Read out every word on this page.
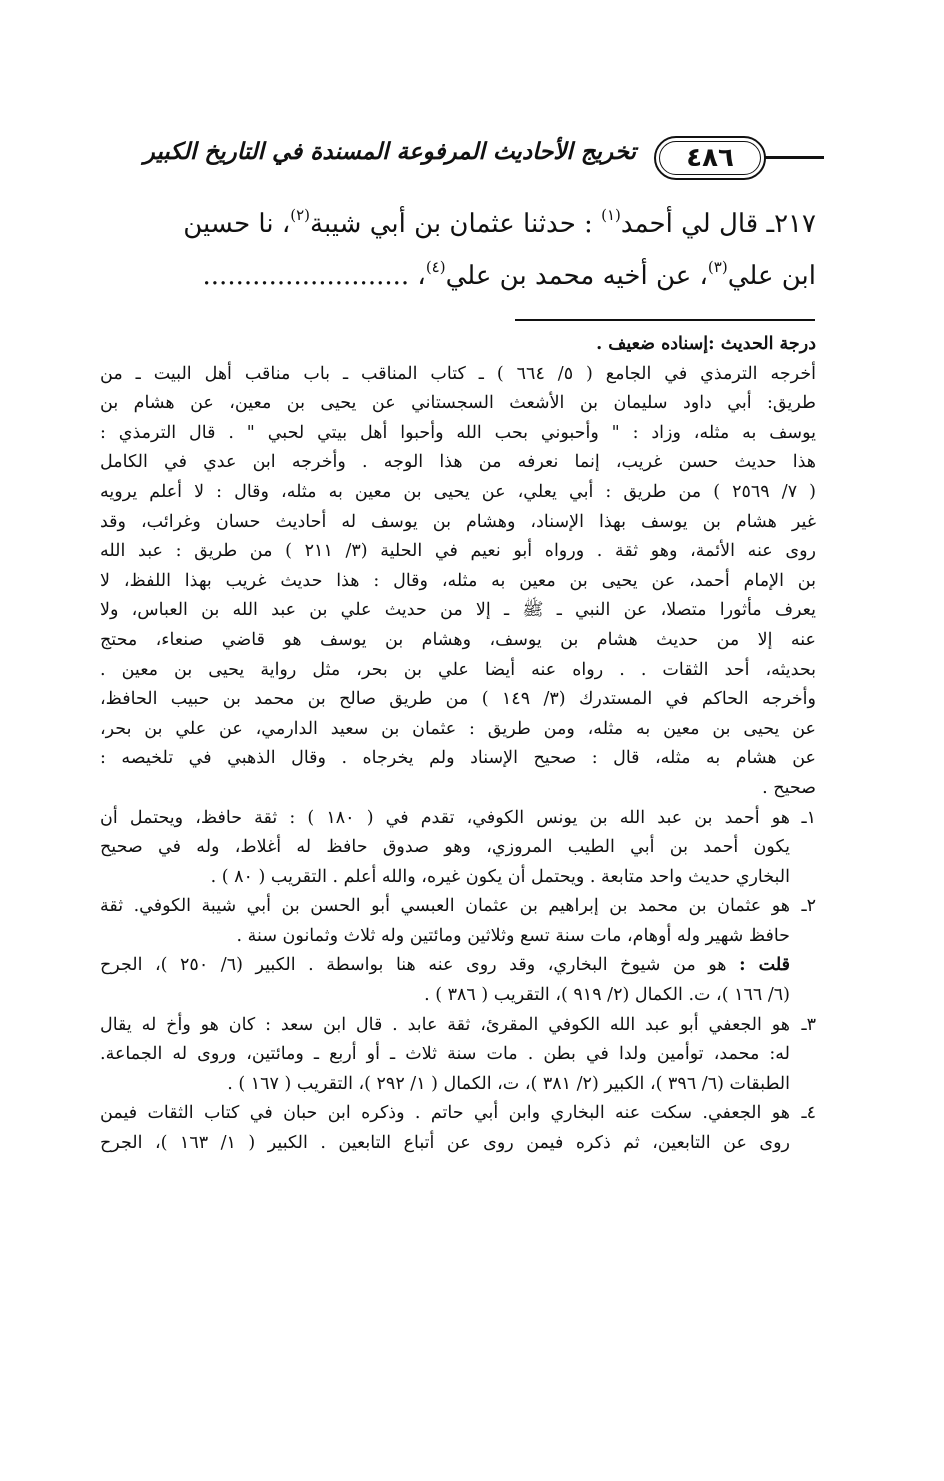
٤٨٦
تخريج الأحاديث المرفوعة المسندة في التاريخ الكبير
٢١٧ـ قال لي أحمد$^{(١)}$ : حدثنا عثمان بن أبي شيبة$^{(٢)}$، نا حسين
ابن علي$^{(٣)}$، عن أخيه محمد بن علي$^{(٤)}$، .........................
درجة الحديث :إسناده ضعيف .
أخرجه الترمذي في الجامع ( ٥/ ٦٦٤ ) ـ كتاب المناقب ـ باب مناقب أهل البيت ـ من
طريق: أبي داود سليمان بن الأشعث السجستاني عن يحيى بن معين، عن هشام بن
يوسف به مثله، وزاد : " وأحبوني بحب الله وأحبوا أهل بيتي لحبي " . قال الترمذي :
هذا حديث حسن غريب، إنما نعرفه من هذا الوجه . وأخرجه ابن عدي في الكامل
( ٧/ ٢٥٦٩ ) من طريق : أبي يعلي، عن يحيى بن معين به مثله، وقال : لا أعلم يرويه
غير هشام بن يوسف بهذا الإسناد، وهشام بن يوسف له أحاديث حسان وغرائب، وقد
روى عنه الأئمة، وهو ثقة . ورواه أبو نعيم في الحلية (٣/ ٢١١ ) من طريق : عبد الله
بن الإمام أحمد، عن يحيى بن معين به مثله، وقال : هذا حديث غريب بهذا اللفظ، لا
يعرف مأثورا متصلا، عن النبي ـ ﷺ ـ إلا من حديث علي بن عبد الله بن العباس، ولا
عنه إلا من حديث هشام بن يوسف، وهشام بن يوسف هو قاضي صنعاء، محتج
بحديثه، أحد الثقات . . رواه عنه أيضا علي بن بحر، مثل رواية يحيى بن معين .
وأخرجه الحاكم في المستدرك (٣/ ١٤٩ ) من طريق صالح بن محمد بن حبيب الحافظ،
عن يحيى بن معين به مثله، ومن طريق : عثمان بن سعيد الدارمي، عن علي بن بحر،
عن هشام به مثله، قال : صحيح الإسناد ولم يخرجاه . وقال الذهبي في تلخيصه :
صحيح .
١ـ
هو أحمد بن عبد الله بن يونس الكوفي، تقدم في ( ١٨٠ ) : ثقة حافظ، ويحتمل أن
يكون أحمد بن أبي الطيب المروزي، وهو صدوق حافظ له أغلاط، وله في صحيح
البخاري حديث واحد متابعة . ويحتمل أن يكون غيره، والله أعلم . التقريب ( ٨٠ ) .
٢ـ
هو عثمان بن محمد بن إبراهيم بن عثمان العبسي أبو الحسن بن أبي شيبة الكوفي. ثقة
حافظ شهير وله أوهام، مات سنة تسع وثلاثين ومائتين وله ثلاث وثمانون سنة .
قلت : هو من شيوخ البخاري، وقد روى عنه هنا بواسطة . الكبير (٦/ ٢٥٠ )، الجرح
(٦/ ١٦٦ )، ت. الكمال (٢/ ٩١٩ )، التقريب ( ٣٨٦ ) .
٣ـ
هو الجعفي أبو عبد الله الكوفي المقرئ، ثقة عابد . قال ابن سعد : كان هو وأخ له يقال
له: محمد، توأمين ولدا في بطن . مات سنة ثلاث ـ أو أربع ـ ومائتين، وروى له الجماعة.
الطبقات (٦/ ٣٩٦ )، الكبير (٢/ ٣٨١ )، ت، الكمال ( ١/ ٢٩٢ )، التقريب ( ١٦٧ ) .
٤ـ
هو الجعفي. سكت عنه البخاري وابن أبي حاتم . وذكره ابن حبان في كتاب الثقات فيمن
روى عن التابعين، ثم ذكره فيمن روى عن أتباع التابعين . الكبير ( ١/ ١٦٣ )، الجرح
